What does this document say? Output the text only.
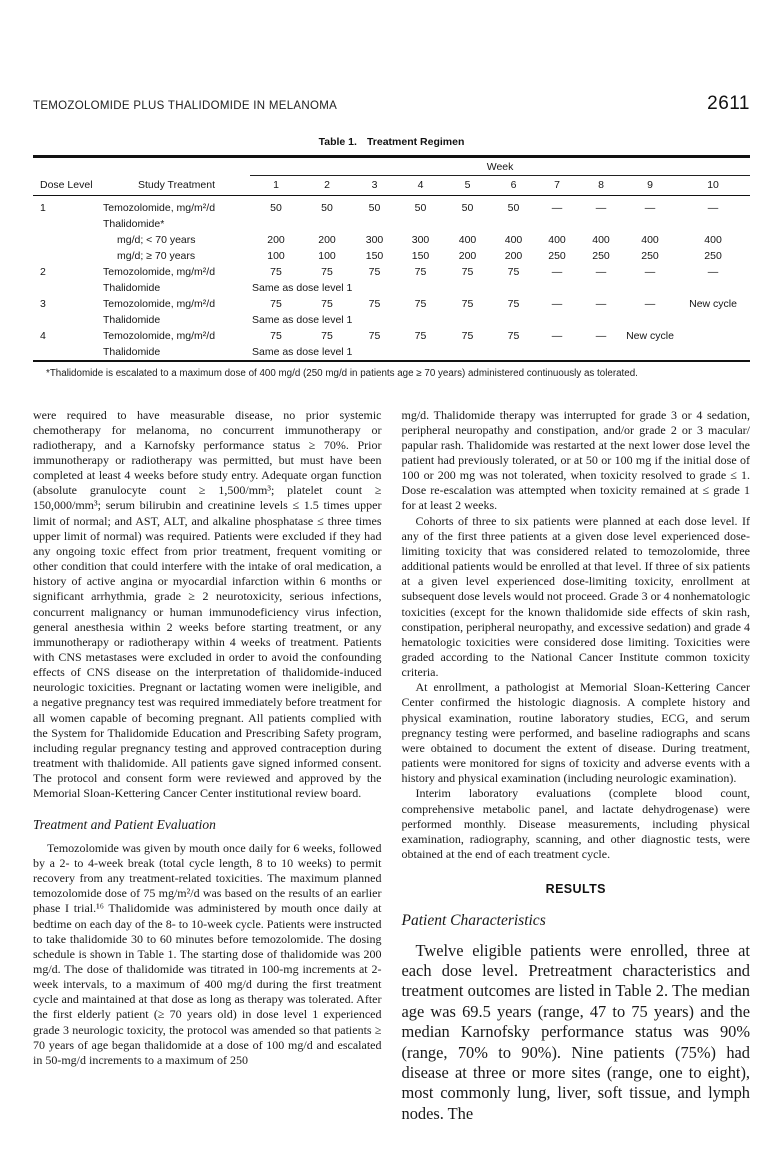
TEMOZOLOMIDE PLUS THALIDOMIDE IN MELANOMA	2611
Table 1. Treatment Regimen
		Week									
Dose Level	Study Treatment	1	2	3	4	5	6	7	8	9	10
1	Temozolomide, mg/m²/d	50	50	50	50	50	50	—	—	—	—
	Thalidomide*										
	mg/d; < 70 years	200	200	300	300	400	400	400	400	400	400
	mg/d; ≥ 70 years	100	100	150	150	200	200	250	250	250	250
2	Temozolomide, mg/m²/d	75	75	75	75	75	75	—	—	—	—
	Thalidomide	Same as dose level 1									
3	Temozolomide, mg/m²/d	75	75	75	75	75	75	—	—	—	New cycle
	Thalidomide	Same as dose level 1									
4	Temozolomide, mg/m²/d	75	75	75	75	75	75	—	—	New cycle	
	Thalidomide	Same as dose level 1									
*Thalidomide is escalated to a maximum dose of 400 mg/d (250 mg/d in patients age ≥ 70 years) administered continuously as tolerated.

were required to have measurable disease, no prior systemic chemotherapy for melanoma, no concurrent immunotherapy or radiotherapy, and a Karnofsky performance status ≥ 70%. Prior immunotherapy or radiotherapy was permitted, but must have been completed at least 4 weeks before study entry. Adequate organ function (absolute granulocyte count ≥ 1,500/mm³; platelet count ≥ 150,000/mm³; serum bilirubin and creatinine levels ≤ 1.5 times upper limit of normal; and AST, ALT, and alkaline phosphatase ≤ three times upper limit of normal) was required. Patients were excluded if they had any ongoing toxic effect from prior treatment, frequent vomiting or other condition that could interfere with the intake of oral medication, a history of active angina or myocardial infarction within 6 months or significant arrhythmia, grade ≥ 2 neurotoxicity, serious infections, concurrent malignancy or human immunodeficiency virus infection, general anesthesia within 2 weeks before starting treatment, or any immunotherapy or radiotherapy within 4 weeks of treatment. Patients with CNS metastases were excluded in order to avoid the confounding effects of CNS disease on the interpretation of thalidomide-induced neurologic toxicities. Pregnant or lactating women were ineligible, and a negative pregnancy test was required immediately before treatment for all women capable of becoming pregnant. All patients complied with the System for Thalidomide Education and Prescribing Safety program, including regular pregnancy testing and approved contraception during treatment with thalidomide. All patients gave signed informed consent. The protocol and consent form were reviewed and approved by the Memorial Sloan-Kettering Cancer Center institutional review board.

Treatment and Patient Evaluation

Temozolomide was given by mouth once daily for 6 weeks, followed by a 2- to 4-week break (total cycle length, 8 to 10 weeks) to permit recovery from any treatment-related toxicities. The maximum planned temozolomide dose of 75 mg/m²/d was based on the results of an earlier phase I trial.¹⁶ Thalidomide was administered by mouth once daily at bedtime on each day of the 8- to 10-week cycle. Patients were instructed to take thalidomide 30 to 60 minutes before temozolomide. The dosing schedule is shown in Table 1. The starting dose of thalidomide was 200 mg/d. The dose of thalidomide was titrated in 100-mg increments at 2-week intervals, to a maximum of 400 mg/d during the first treatment cycle and maintained at that dose as long as therapy was tolerated. After the first elderly patient (≥ 70 years old) in dose level 1 experienced grade 3 neurologic toxicity, the protocol was amended so that patients ≥ 70 years of age began thalidomide at a dose of 100 mg/d and escalated in 50-mg/d increments to a maximum of 250

mg/d. Thalidomide therapy was interrupted for grade 3 or 4 sedation, peripheral neuropathy and constipation, and/or grade 2 or 3 macular/ papular rash. Thalidomide was restarted at the next lower dose level the patient had previously tolerated, or at 50 or 100 mg if the initial dose of 100 or 200 mg was not tolerated, when toxicity resolved to grade ≤ 1. Dose re-escalation was attempted when toxicity remained at ≤ grade 1 for at least 2 weeks.

Cohorts of three to six patients were planned at each dose level. If any of the first three patients at a given dose level experienced dose-limiting toxicity that was considered related to temozolomide, three additional patients would be enrolled at that level. If three of six patients at a given level experienced dose-limiting toxicity, enrollment at subsequent dose levels would not proceed. Grade 3 or 4 nonhematologic toxicities (except for the known thalidomide side effects of skin rash, constipation, peripheral neuropathy, and excessive sedation) and grade 4 hematologic toxicities were considered dose limiting. Toxicities were graded according to the National Cancer Institute common toxicity criteria.

At enrollment, a pathologist at Memorial Sloan-Kettering Cancer Center confirmed the histologic diagnosis. A complete history and physical examination, routine laboratory studies, ECG, and serum pregnancy testing were performed, and baseline radiographs and scans were obtained to document the extent of disease. During treatment, patients were monitored for signs of toxicity and adverse events with a history and physical examination (including neurologic examination).

Interim laboratory evaluations (complete blood count, comprehensive metabolic panel, and lactate dehydrogenase) were performed monthly. Disease measurements, including physical examination, radiography, scanning, and other diagnostic tests, were obtained at the end of each treatment cycle.

RESULTS
Patient Characteristics

Twelve eligible patients were enrolled, three at each dose level. Pretreatment characteristics and treatment outcomes are listed in Table 2. The median age was 69.5 years (range, 47 to 75 years) and the median Karnofsky performance status was 90% (range, 70% to 90%). Nine patients (75%) had disease at three or more sites (range, one to eight), most commonly lung, liver, soft tissue, and lymph nodes. The
